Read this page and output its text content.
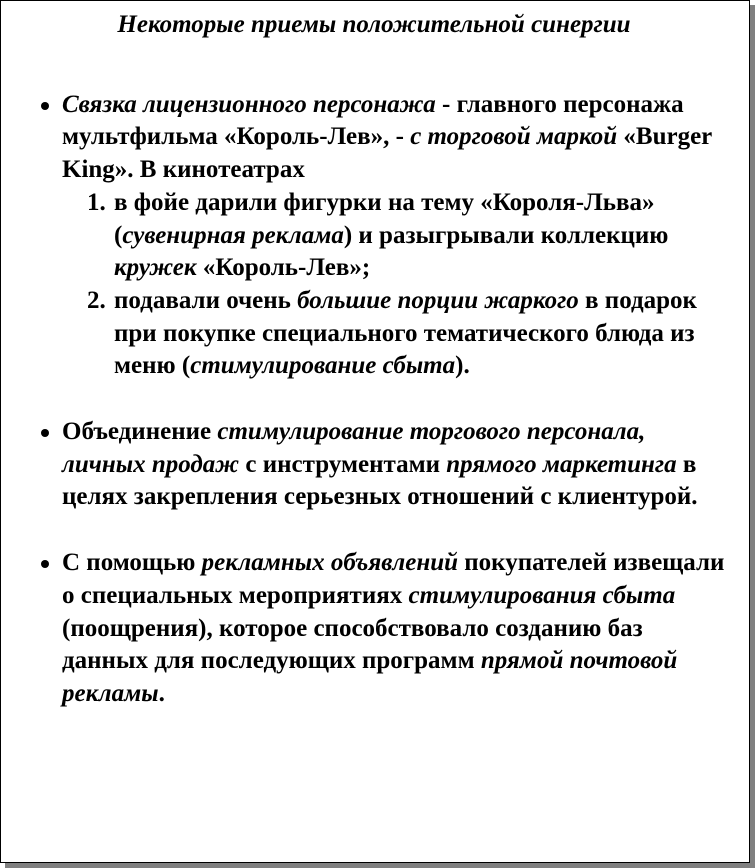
Некоторые приемы положительной синергии

Связка лицензионного персонажа - главного персонажа мультфильма «Король-Лев», - с торговой маркой «Burger King». В кинотеатрах
1. в фойе дарили фигурки на тему «Короля-Льва» (сувенирная реклама) и разыгрывали коллекцию кружек «Король-Лев»;
2. подавали очень большие порции жаркого в подарок при покупке специального тематического блюда из меню (стимулирование сбыта).
Объединение стимулирование торгового персонала, личных продаж с инструментами прямого маркетинга в целях закрепления серьезных отношений с клиентурой.
С помощью рекламных объявлений покупателей извещали о специальных мероприятиях стимулирования сбыта (поощрения), которое способствовало созданию баз данных для последующих программ прямой почтовой рекламы.
